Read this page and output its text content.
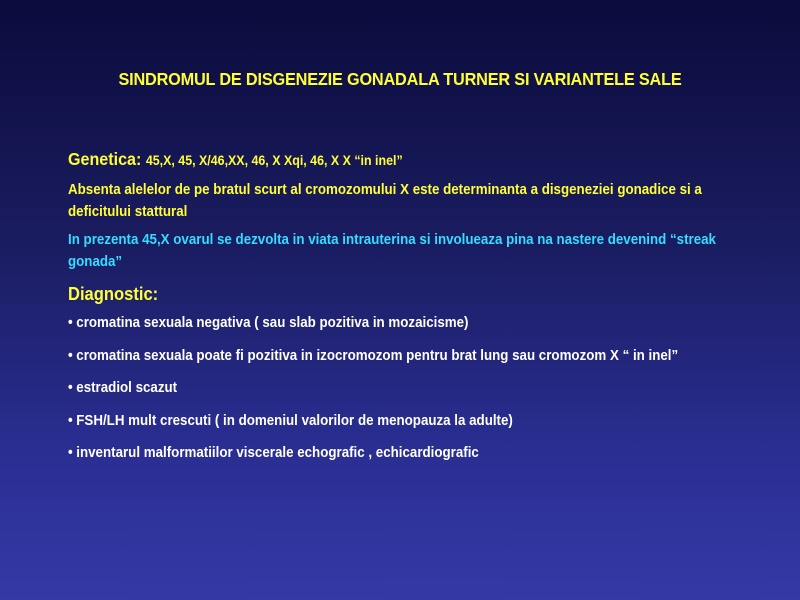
SINDROMUL DE DISGENEZIE GONADALA TURNER SI VARIANTELE SALE

Genetica: 45,X, 45, X/46,XX, 46, X Xqi, 46, X X “in inel”

Absenta alelelor de pe bratul scurt al cromozomului X este determinanta a disgeneziei gonadice si a deficitului stattural

In prezenta 45,X ovarul se dezvolta in viata intrauterina si involueaza pina na nastere devenind “streak gonada”

Diagnostic:

• cromatina sexuala negativa ( sau slab pozitiva in mozaicisme)
• cromatina sexuala poate fi pozitiva in izocromozom pentru brat lung sau cromozom X “ in inel”
• estradiol scazut
• FSH/LH mult crescuti ( in domeniul valorilor de menopauza la adulte)
• inventarul malformatiilor viscerale echografic , echicardiografic
